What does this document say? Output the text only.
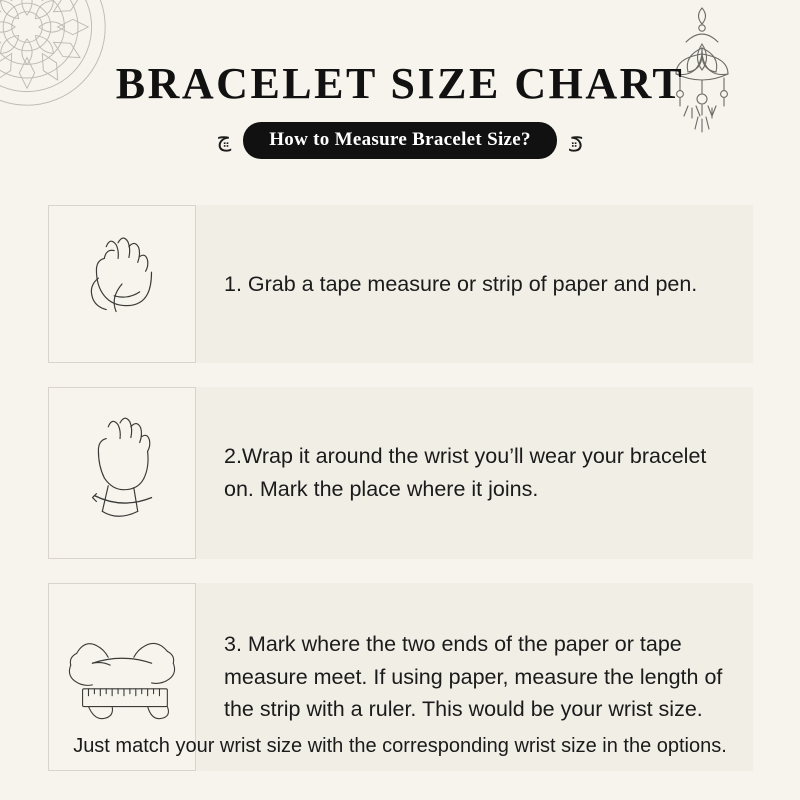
BRACELET SIZE CHART
ڇ	How to Measure Bracelet Size?	ڇ
1. Grab a tape measure or strip of paper and pen.
2.Wrap it around the wrist you’ll wear your bracelet on. Mark the place where it joins.
3. Mark where the two ends of the paper or tape measure meet. If using paper, measure the length of the strip with a ruler. This would be your wrist size.
Just match your wrist size with the corresponding wrist size in the options.
